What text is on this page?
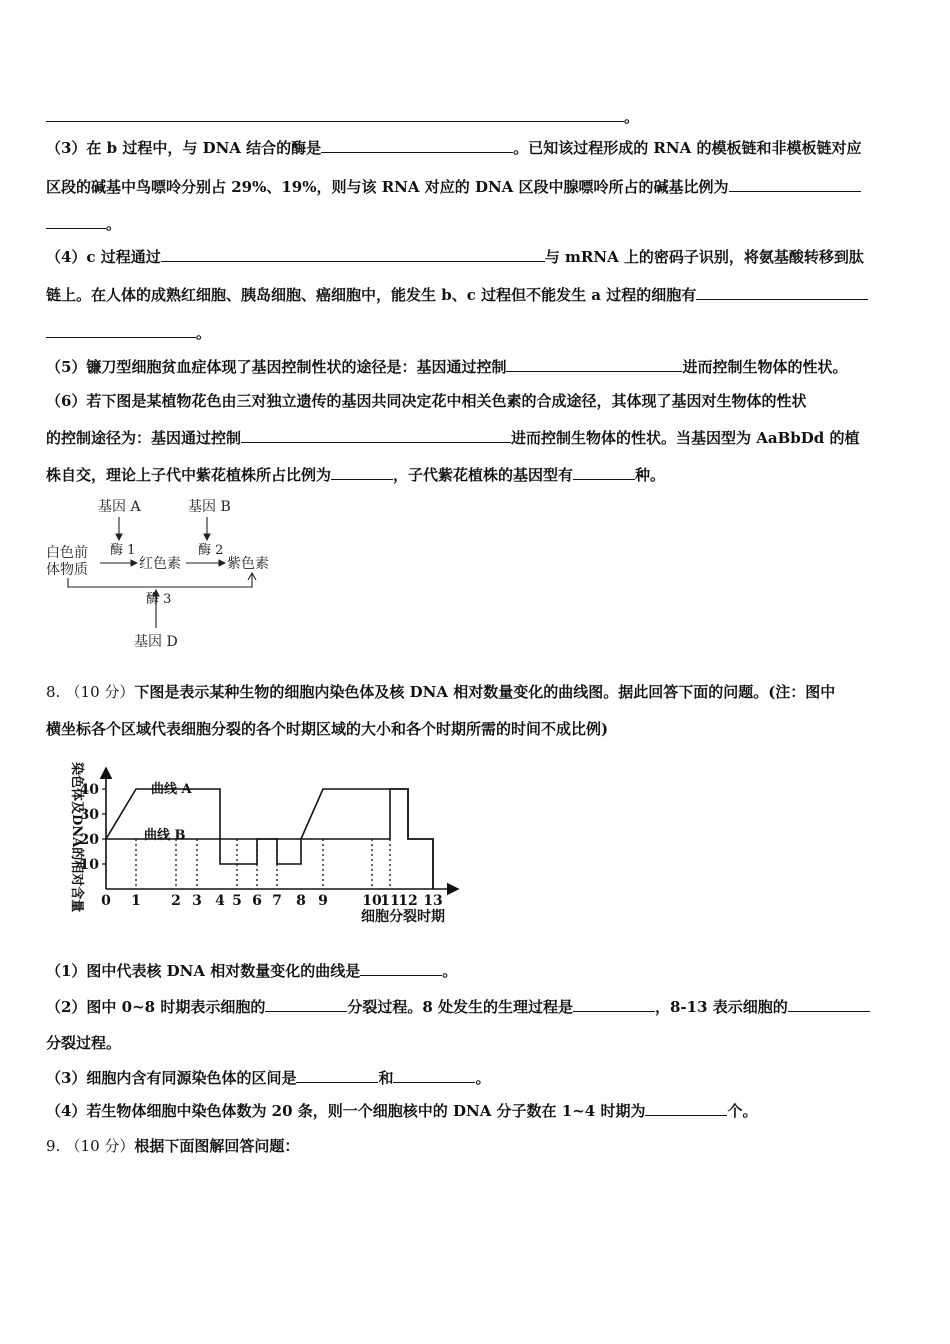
。
（3）在 b 过程中，与 DNA 结合的酶是	。已知该过程形成的 RNA 的模板链和非模板链对应
区段的碱基中鸟嘌呤分别占 29%、19%，则与该 RNA 对应的 DNA 区段中腺嘌呤所占的碱基比例为
。
（4）c 过程通过	与 mRNA 上的密码子识别，将氨基酸转移到肽
链上。在人体的成熟红细胞、胰岛细胞、癌细胞中，能发生 b、c 过程但不能发生 a 过程的细胞有
。
（5）镰刀型细胞贫血症体现了基因控制性状的途径是：基因通过控制	进而控制生物体的性状。
（6）若下图是某植物花色由三对独立遗传的基因共同决定花中相关色素的合成途径，其体现了基因对生物体的性状
的控制途径为：基因通过控制	进而控制生物体的性状。当基因型为 AaBbDd 的植
株自交，理论上子代中紫花植株所占比例为	，子代紫花植株的基因型有	种。
基因 A	基因 B
白色前
体物质
酶 1
红色素
酶 2
紫色素
酶 3
基因 D
8. （10 分）下图是表示某种生物的细胞内染色体及核 DNA 相对数量变化的曲线图。据此回答下面的问题。(注：图中
横坐标各个区域代表细胞分裂的各个时期区域的大小和各个时期所需的时间不成比例)
染色体及DNA的相对含量
细胞分裂时期
10
20
30
40
0 1 2 3 4 5 6 7 8 9 10
11
12 13
曲线 A
曲线 B
（1）图中代表核 DNA 相对数量变化的曲线是	。
（2）图中 0~8 时期表示细胞的	分裂过程。8 处发生的生理过程是	，8-13 表示细胞的
分裂过程。
（3）细胞内含有同源染色体的区间是	和	。
（4）若生物体细胞中染色体数为 20 条，则一个细胞核中的 DNA 分子数在 1~4 时期为	个。
9. （10 分）根据下面图解回答问题：
